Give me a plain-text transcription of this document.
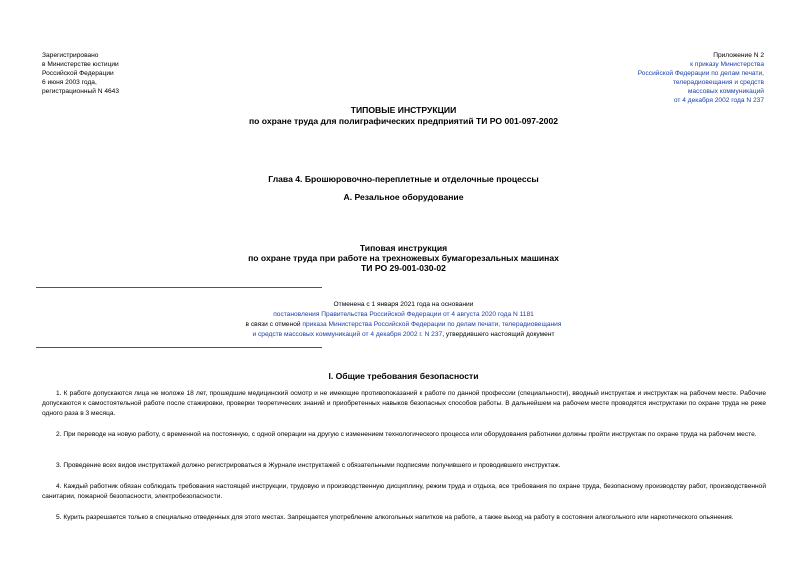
Зарегистрировано
в Министерстве юстиции
Российской Федерации
6 июня 2003 года,
регистрационный N 4643
Приложение N 2
к приказу Министерства
Российской Федерации по делам печати,
телерадиовещания и средств
массовых коммуникаций
от 4 декабря 2002 года N 237
ТИПОВЫЕ ИНСТРУКЦИИ
по охране труда для полиграфических предприятий ТИ РО 001-097-2002
Глава 4. Брошюровочно-переплетные и отделочные процессы
А. Резальное оборудование
Типовая инструкция
по охране труда при работе на трехножевых бумагорезальных машинах
ТИ РО 29-001-030-02
Отменена с 1 января 2021 года на основании
постановления Правительства Российской Федерации от 4 августа 2020 года N 1181
в связи с отменой приказа Министерства Российской Федерации по делам печати, телерадиовещания
и средств массовых коммуникаций от 4 декабря 2002 г. N 237, утвердившего настоящий документ
I. Общие требования безопасности
1. К работе допускаются лица не моложе 18 лет, прошедшие медицинский осмотр и не имеющие противопоказаний к работе по данной профессии (специальности), вводный инструктаж и инструктаж на рабочем месте. Рабочие допускаются к самостоятельной работе после стажировки, проверки теоретических знаний и приобретенных навыков безопасных способов работы. В дальнейшем на рабочем месте проводятся инструктажи по охране труда не реже одного раза в 3 месяца.
2. При переводе на новую работу, с временной на постоянную, с одной операции на другую с изменением технологического процесса или оборудования работники должны пройти инструктаж по охране труда на рабочем месте.
3. Проведение всех видов инструктажей должно регистрироваться в Журнале инструктажей с обязательными подписями получившего и проводившего инструктаж.
4. Каждый работник обязан соблюдать требования настоящей инструкции, трудовую и производственную дисциплину, режим труда и отдыха, все требования по охране труда, безопасному производству работ, производственной санитарии, пожарной безопасности, электробезопасности.
5. Курить разрешается только в специально отведенных для этого местах. Запрещается употребление алкогольных напитков на работе, а также выход на работу в состоянии алкогольного или наркотического опьянения.
